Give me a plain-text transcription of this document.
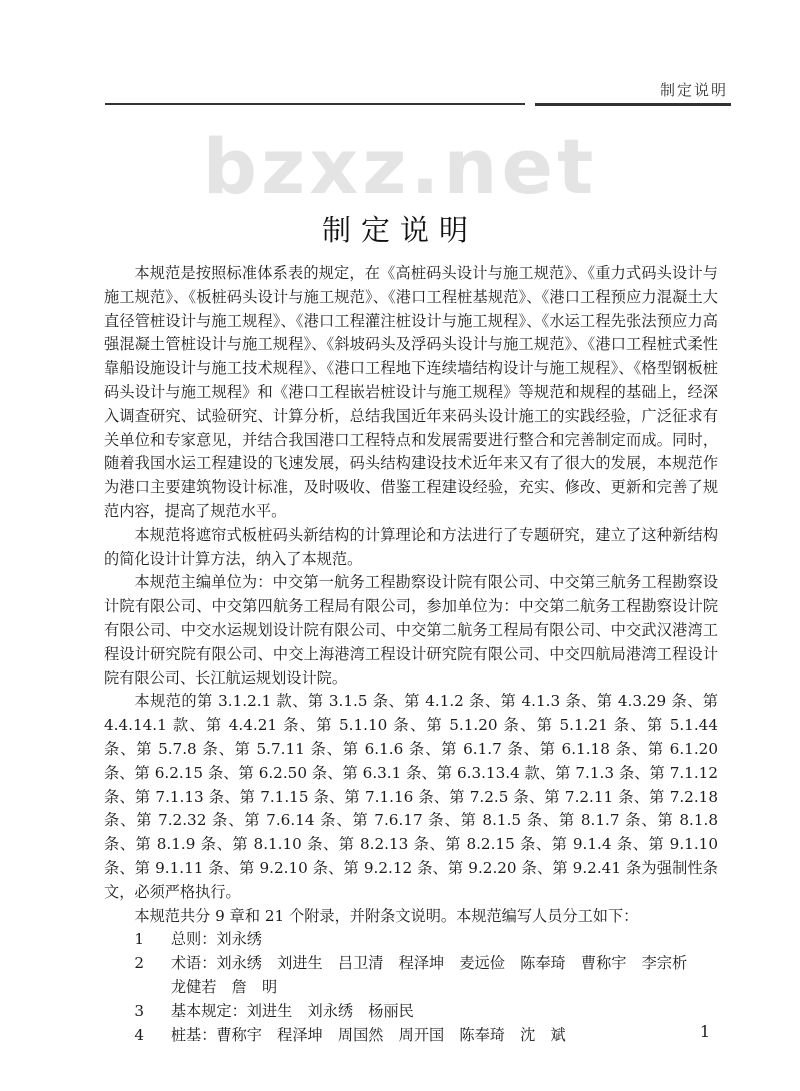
制定说明
bzxz.net
制定说明

本规范是按照标准体系表的规定，在《高桩码头设计与施工规范》、《重力式码头设计与施工规范》、《板桩码头设计与施工规范》、《港口工程桩基规范》、《港口工程预应力混凝土大直径管桩设计与施工规程》、《港口工程灌注桩设计与施工规程》、《水运工程先张法预应力高强混凝土管桩设计与施工规程》、《斜坡码头及浮码头设计与施工规范》、《港口工程桩式柔性靠船设施设计与施工技术规程》、《港口工程地下连续墙结构设计与施工规程》、《格型钢板桩码头设计与施工规程》和《港口工程嵌岩桩设计与施工规程》等规范和规程的基础上，经深入调查研究、试验研究、计算分析，总结我国近年来码头设计施工的实践经验，广泛征求有关单位和专家意见，并结合我国港口工程特点和发展需要进行整合和完善制定而成。同时，随着我国水运工程建设的飞速发展，码头结构建设技术近年来又有了很大的发展，本规范作为港口主要建筑物设计标准，及时吸收、借鉴工程建设经验，充实、修改、更新和完善了规范内容，提高了规范水平。

本规范将遮帘式板桩码头新结构的计算理论和方法进行了专题研究，建立了这种新结构的简化设计计算方法，纳入了本规范。

本规范主编单位为：中交第一航务工程勘察设计院有限公司、中交第三航务工程勘察设计院有限公司、中交第四航务工程局有限公司，参加单位为：中交第二航务工程勘察设计院有限公司、中交水运规划设计院有限公司、中交第二航务工程局有限公司、中交武汉港湾工程设计研究院有限公司、中交上海港湾工程设计研究院有限公司、中交四航局港湾工程设计院有限公司、长江航运规划设计院。

本规范的第 3.1.2.1 款、第 3.1.5 条、第 4.1.2 条、第 4.1.3 条、第 4.3.29 条、第 4.4.14.1 款、第 4.4.21 条、第 5.1.10 条、第 5.1.20 条、第 5.1.21 条、第 5.1.44 条、第 5.7.8 条、第 5.7.11 条、第 6.1.6 条、第 6.1.7 条、第 6.1.18 条、第 6.1.20 条、第 6.2.15 条、第 6.2.50 条、第 6.3.1 条、第 6.3.13.4 款、第 7.1.3 条、第 7.1.12 条、第 7.1.13 条、第 7.1.15 条、第 7.1.16 条、第 7.2.5 条、第 7.2.11 条、第 7.2.18 条、第 7.2.32 条、第 7.6.14 条、第 7.6.17 条、第 8.1.5 条、第 8.1.7 条、第 8.1.8 条、第 8.1.9 条、第 8.1.10 条、第 8.2.13 条、第 8.2.15 条、第 9.1.4 条、第 9.1.10 条、第 9.1.11 条、第 9.2.10 条、第 9.2.12 条、第 9.2.20 条、第 9.2.41 条为强制性条文，必须严格执行。

本规范共分 9 章和 21 个附录，并附条文说明。本规范编写人员分工如下：

1	总则：刘永绣
2	术语：刘永绣　刘进生　吕卫清　程泽坤　麦远俭　陈奉琦　曹称宇　李宗析
龙健若　詹　明
3	基本规定：刘进生　刘永绣　杨丽民
4	桩基：曹称宇　程泽坤　周国然　周开国　陈奉琦　沈　斌	1
